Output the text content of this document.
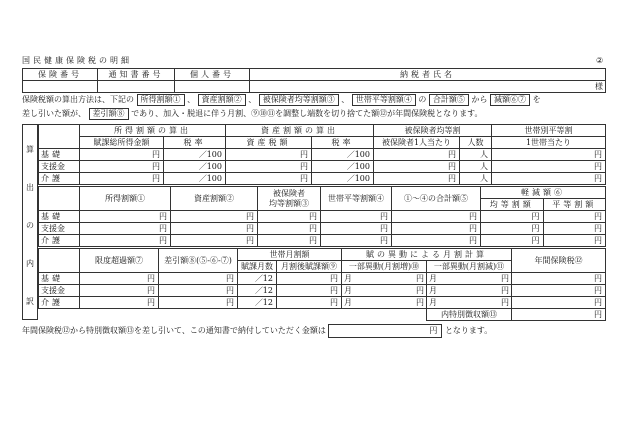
国民健康保険税の明細	②
保険番号	通知書番号	個人番号	納税者氏名
			様
保険税額の算出方法は、下記の 所得割額① 、 資産割額② 、 被保険者均等割額③ 、 世帯平等割額④ の 合計額⑤ から 減額⑥⑦ を
差し引いた額が、 差引額⑧ であり、加入・脱退に伴う月割、⑨⑩⑪を調整し端数を切り捨てた額⑫が年間保険税となります。
算
出
の
内
訳
	所得割額の算出		資産割額の算出		被保険者均等割		世帯別平等割
	賦課総所得金額	税率	資産税額	税率	被保険者1人当たり	人数	1世帯当たり
基礎	円	／100	円	／100	円	人	円
支援金	円	／100	円	／100	円	人	円
介護	円	／100	円	／100	円	人	円
	所得割額①	資産割額②	被保険者
均等割額③	世帯平等割額④	①～④の合計額⑤	軽減額⑥	
						均等割額	平等割額
基礎	円	円	円	円	円	円	円
支援金	円	円	円	円	円	円	円
介護	円	円	円	円	円	円	円
	限度超過額⑦	差引額⑧(⑤-⑥-⑦)	世帯月割額		賦の異動による月割計算		年間保険税⑫
			賦課月数	月割後賦課額⑨	一部異動(月割増)⑩	一部異動(月割減)⑪	
基礎	円	円	／12	円	月 円	月 円	円
支援金	円	円	／12	円	月 円	月 円	円
介護	円	円	／12	円	月 円	月 円	円
						内特別徴収額⑬	円
年間保険税⑫から特別徴収額⑬を差し引いて、この通知書で納付していただく金額は	円 となります。
